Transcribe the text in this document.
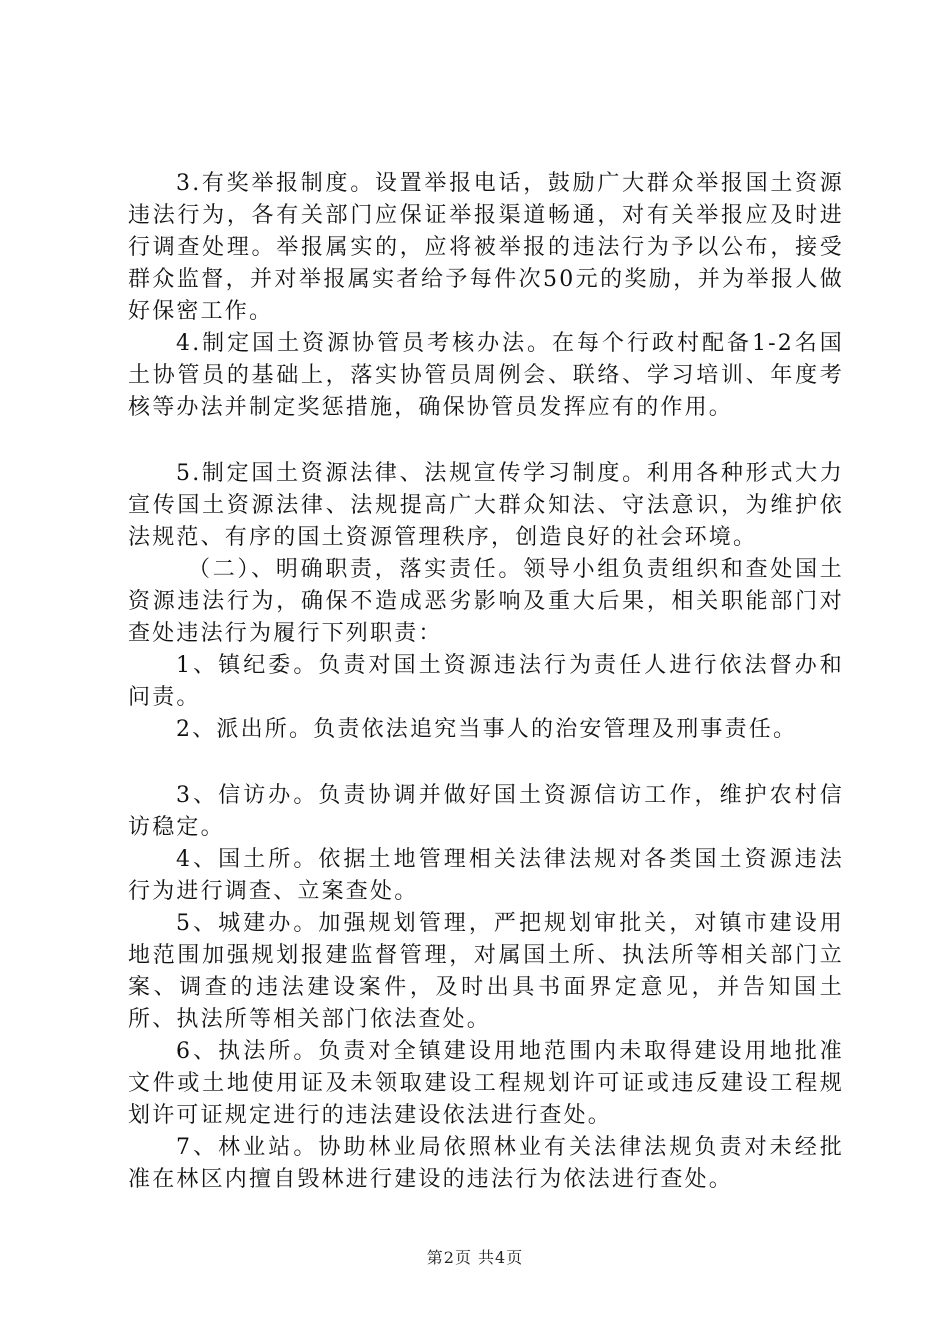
3.有奖举报制度。设置举报电话，鼓励广大群众举报国土资源违法行为，各有关部门应保证举报渠道畅通，对有关举报应及时进行调查处理。举报属实的，应将被举报的违法行为予以公布，接受群众监督，并对举报属实者给予每件次50元的奖励，并为举报人做好保密工作。

4.制定国土资源协管员考核办法。在每个行政村配备1-2名国土协管员的基础上，落实协管员周例会、联络、学习培训、年度考核等办法并制定奖惩措施，确保协管员发挥应有的作用。

5.制定国土资源法律、法规宣传学习制度。利用各种形式大力宣传国土资源法律、法规提高广大群众知法、守法意识，为维护依法规范、有序的国土资源管理秩序，创造良好的社会环境。

（二）、明确职责，落实责任。领导小组负责组织和查处国土资源违法行为，确保不造成恶劣影响及重大后果，相关职能部门对查处违法行为履行下列职责：

1、镇纪委。负责对国土资源违法行为责任人进行依法督办和问责。

2、派出所。负责依法追究当事人的治安管理及刑事责任。

3、信访办。负责协调并做好国土资源信访工作，维护农村信访稳定。

4、国土所。依据土地管理相关法律法规对各类国土资源违法行为进行调查、立案查处。

5、城建办。加强规划管理，严把规划审批关，对镇市建设用地范围加强规划报建监督管理，对属国土所、执法所等相关部门立案、调查的违法建设案件，及时出具书面界定意见，并告知国土所、执法所等相关部门依法查处。

6、执法所。负责对全镇建设用地范围内未取得建设用地批准文件或土地使用证及未领取建设工程规划许可证或违反建设工程规划许可证规定进行的违法建设依法进行查处。

7、林业站。协助林业局依照林业有关法律法规负责对未经批准在林区内擅自毁林进行建设的违法行为依法进行查处。

第2页 共4页
